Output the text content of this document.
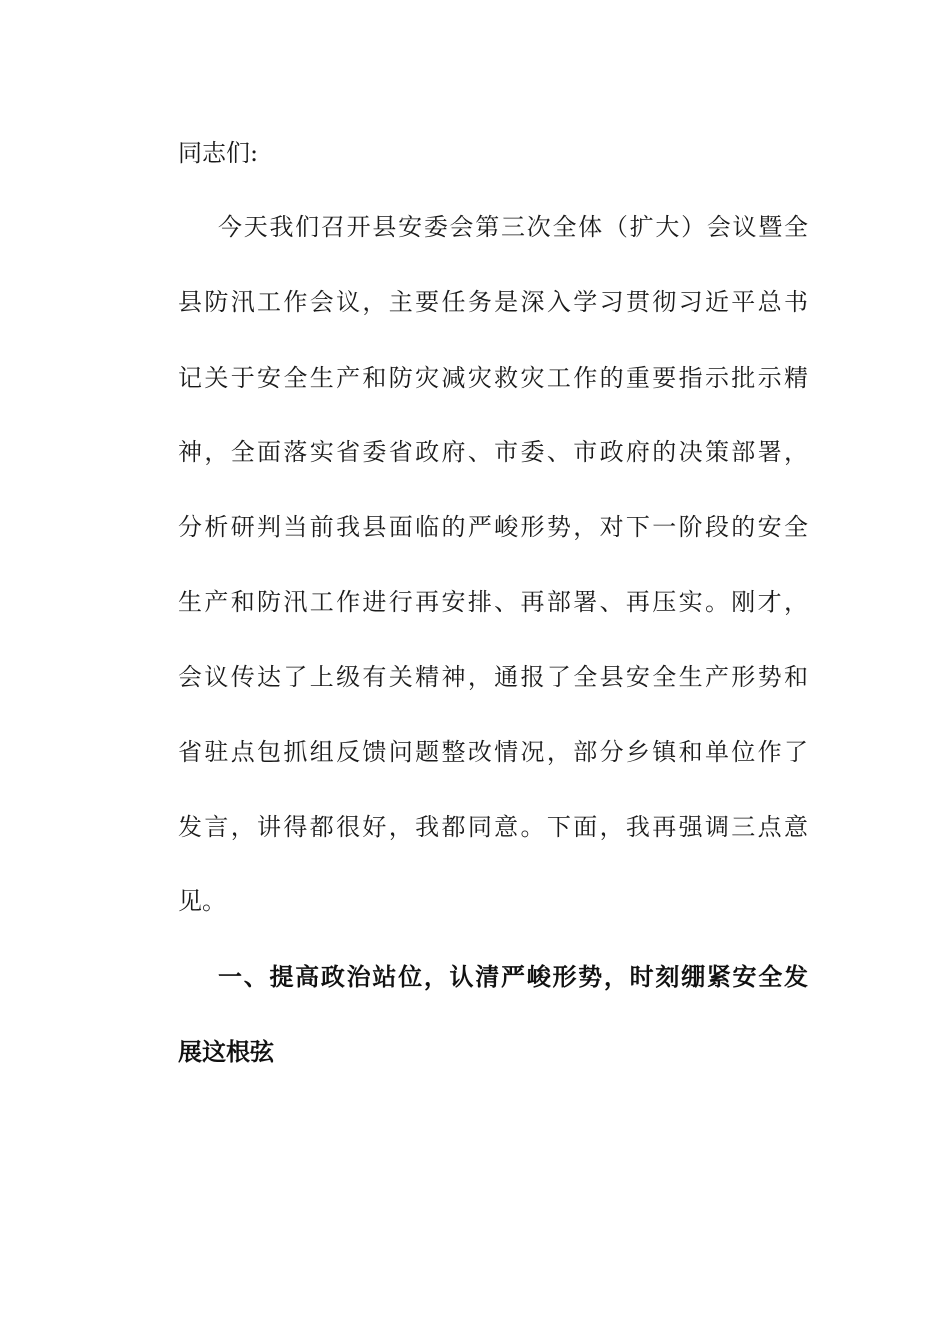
同志们:
今天我们召开县安委会第三次全体（扩大）会议暨全
县防汛工作会议，主要任务是深入学习贯彻习近平总书
记关于安全生产和防灾减灾救灾工作的重要指示批示精
神，全面落实省委省政府、市委、市政府的决策部署，
分析研判当前我县面临的严峻形势，对下一阶段的安全
生产和防汛工作进行再安排、再部署、再压实。刚才，
会议传达了上级有关精神，通报了全县安全生产形势和
省驻点包抓组反馈问题整改情况，部分乡镇和单位作了
发言，讲得都很好，我都同意。下面，我再强调三点意
见。
一、提高政治站位，认清严峻形势，时刻绷紧安全发
展这根弦
